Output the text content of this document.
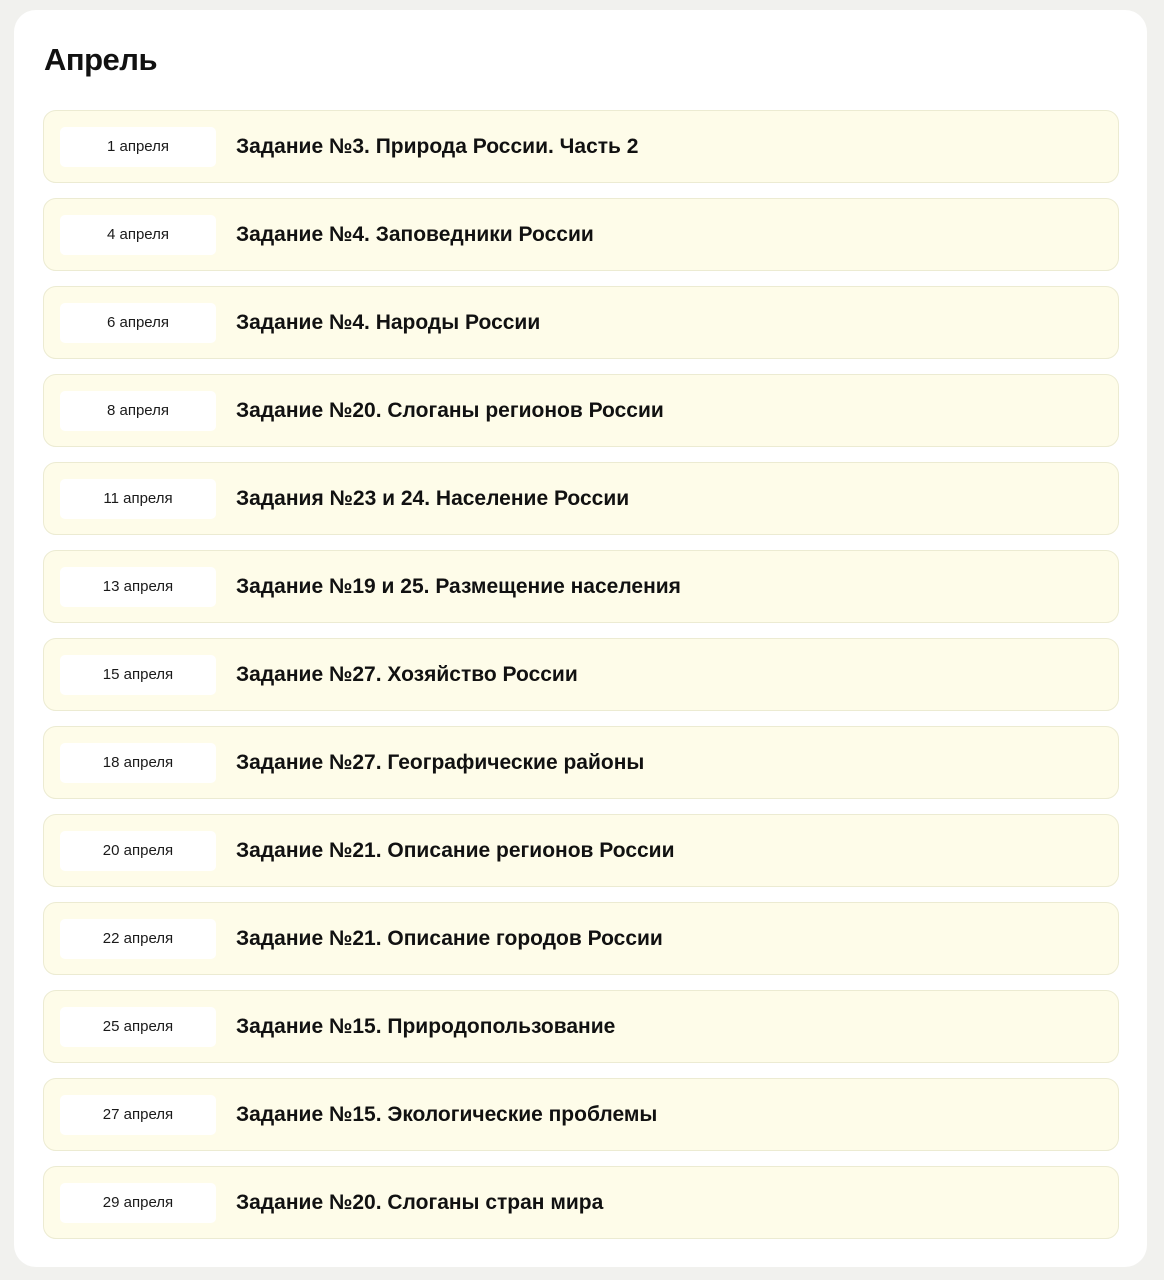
Апрель
1 апреля	Задание №3. Природа России. Часть 2
4 апреля	Задание №4. Заповедники России
6 апреля	Задание №4. Народы России
8 апреля	Задание №20. Слоганы регионов России
11 апреля	Задания №23 и 24. Население России
13 апреля	Задание №19 и 25. Размещение населения
15 апреля	Задание №27. Хозяйство России
18 апреля	Задание №27. Географические районы
20 апреля	Задание №21. Описание регионов России
22 апреля	Задание №21. Описание городов России
25 апреля	Задание №15. Природопользование
27 апреля	Задание №15. Экологические проблемы
29 апреля	Задание №20. Слоганы стран мира
